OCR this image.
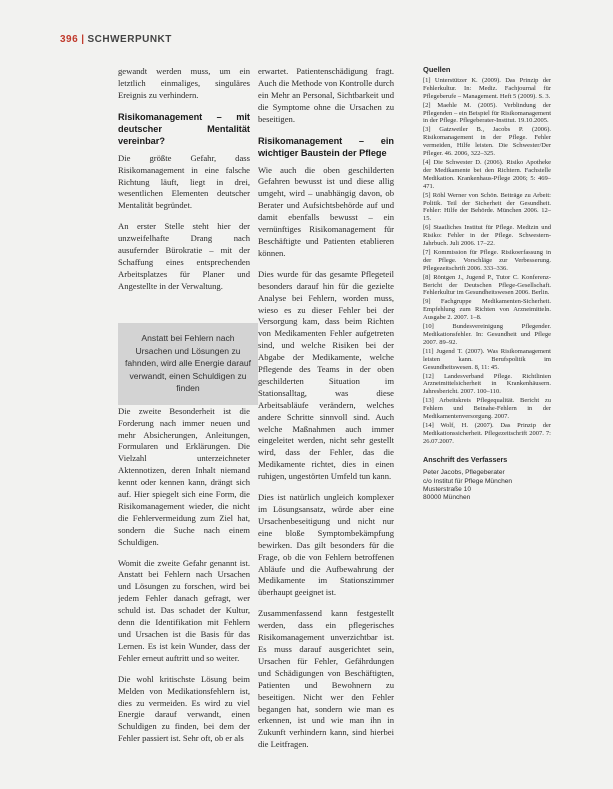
396 | SCHWERPUNKT

gewandt werden muss, um ein letztlich einmaliges, singuläres Ereignis zu verhindern.

Risikomanagement – mit deutscher Mentalität vereinbar?

Die größte Gefahr, dass Risikomanagement in eine falsche Richtung läuft, liegt in drei, wesentlichen Elementen deutscher Mentalität begründet.

An erster Stelle steht hier der unzweifelhafte Drang nach ausufernder Bürokratie – mit der Schaffung eines entsprechenden Arbeitsplatzes für Planer und Angestellte in der Verwaltung.

Die zweite Besonderheit ist die Forderung nach immer neuen und mehr Absicherungen, Anleitungen, Formularen und Erklärungen. Die Vielzahl unterzeichneter Aktennotizen, deren Inhalt niemand kennt oder kennen kann, drängt sich auf. Hier spiegelt sich eine Form, die Risikomanagement wieder, die nicht die Fehlervermeidung zum Ziel hat, sondern die Suche nach einem Schuldigen.

Womit die zweite Gefahr genannt ist. Anstatt bei Fehlern nach Ursachen und Lösungen zu forschen, wird bei jedem Fehler danach gefragt, wer schuld ist. Das schadet der Kultur, denn die Identifikation mit Fehlern und Ursachen ist die Basis für das Lernen. Es ist kein Wunder, dass der Fehler erneut auftritt und so weiter.

Die wohl kritischste Lösung beim Melden von Medikationsfehlern ist, dies zu vermeiden. Es wird zu viel Energie darauf verwandt, einen Schuldigen zu finden, bei dem der Fehler passiert ist. Sehr oft, ob er als

Anstatt bei Fehlern nach Ursachen und Lösungen zu fahnden, wird alle Energie darauf verwandt, einen Schuldigen zu finden

erwartet. Patientenschädigung fragt. Auch die Methode von Kontrolle durch ein Mehr an Personal, Sichtbarkeit und die Symptome ohne die Ursachen zu beseitigen.

Risikomanagement – ein wichtiger Baustein der Pflege

Wie auch die oben geschilderten Gefahren bewusst ist und diese allig umgeht, wird – unabhängig davon, ob Berater und Aufsichtsbehörde auf und damit ebenfalls bewusst – ein vernünftiges Risikomanagement für Beschäftigte und Patienten etablieren können.

Dies wurde für das gesamte Pflegeteil besonders darauf hin für die gezielte Analyse bei Fehlern, worden muss, wieso es zu dieser Fehler bei der Versorgung kam, dass beim Richten von Medikamenten Fehler aufgetreten sind, und welche Risiken bei der Abgabe der Medikamente, welche Pflegende des Teams in der oben geschilderten Situation im Stationsalltag, was diese Arbeitsabläufe verändern, welches andere Schritte sinnvoll sind. Auch welche Maßnahmen auch immer eingeleitet werden, nicht sehr gestellt wird, dass der Fehler, das die Medikamente richtet, dies in einen ruhigen, ungestörten Umfeld tun kann.

Dies ist natürlich ungleich komplexer im Lösungsansatz, würde aber eine Ursachenbeseitigung und nicht nur eine bloße Symptombekämpfung bewirken. Das gilt besonders für die Frage, ob die von Fehlern betroffenen Abläufe und die Aufbewahrung der Medikamente im Stationszimmer überhaupt geeignet ist.

Zusammenfassend kann festgestellt werden, dass ein pflegerisches Risikomanagement unverzichtbar ist. Es muss darauf ausgerichtet sein, Ursachen für Fehler, Gefährdungen und Schädigungen von Beschäftigten, Patienten und Bewohnern zu beseitigen. Nicht wer den Fehler begangen hat, sondern wie man es erkennen, ist und wie man ihn in Zukunft verhindern kann, sind hierbei die Leitfragen.

Quellen

[1] Unterstützer K. (2009). Das Prinzip der Fehlerkultur. In: Mediz. Fachjournal für Pflegeberufe – Management. Heft 5 (2009). S. 3.

[2] Maehle M. (2005). Verblindung der Pflegenden – ein Beispiel für Risikomanagement in der Pflege. Pflegeberater-Institut. 19.10.2005.

[3] Gatzweiler B., Jacobs P. (2006). Risikomanagement in der Pflege. Fehler vermeiden, Hilfe leisten. Die Schwester/Der Pfleger. 46. 2006, 322–325.

[4] Die Schwester D. (2006). Risiko Apotheke der Medikamente bei den Richtern. Fachstelle Medikation. Krankenhaus-Pflege 2006; 5: 469–471.

[5] Röhl Werner von Schön. Beiträge zu Arbeit: Politik. Teil der Sicherheit der Gesundheit. Fehler: Hilfe der Behörde. München 2006. 12–15.

[6] Staatliches Institut für Pflege. Medizin und Risiko: Fehler in der Pflege. Schwestern-Jahrbuch. Juli 2006. 17–22.

[7] Kommission für Pflege. Risikoerfassung in der Pflege. Vorschläge zur Verbesserung. Pflegezeitschrift 2006. 333–336.

[8] Röntgen J., Jugend P., Tutor C. Konferenz-Bericht der Deutschen Pflege-Gesellschaft. Fehlerkultur im Gesundheitswesen 2006. Berlin.

[9] Fachgruppe Medikamenten-Sicherheit. Empfehlung zum Richten von Arzneimitteln. Ausgabe 2. 2007. 1–8.

[10] Bundesvereinigung Pflegender. Medikationsfehler. In: Gesundheit und Pflege 2007. 89–92.

[11] Jugend T. (2007). Was Risikomanagement leisten kann. Berufspolitik im Gesundheitswesen. 8, 11: 45.

[12] Landesverband Pflege. Richtlinien Arzneimittelsicherheit in Krankenhäusern. Jahresbericht. 2007. 100–110.

[13] Arbeitskreis Pflegequalität. Bericht zu Fehlern und Beinahe-Fehlern in der Medikamentenversorgung. 2007.

[14] Wolf, H. (2007). Das Prinzip der Medikationssicherheit. Pflegezeitschrift 2007. 7: 26.07.2007.

Anschrift des Verfassers
Peter Jacobs, Pflegeberater
c/o Institut für Pflege München
Musterstraße 10
80000 München
